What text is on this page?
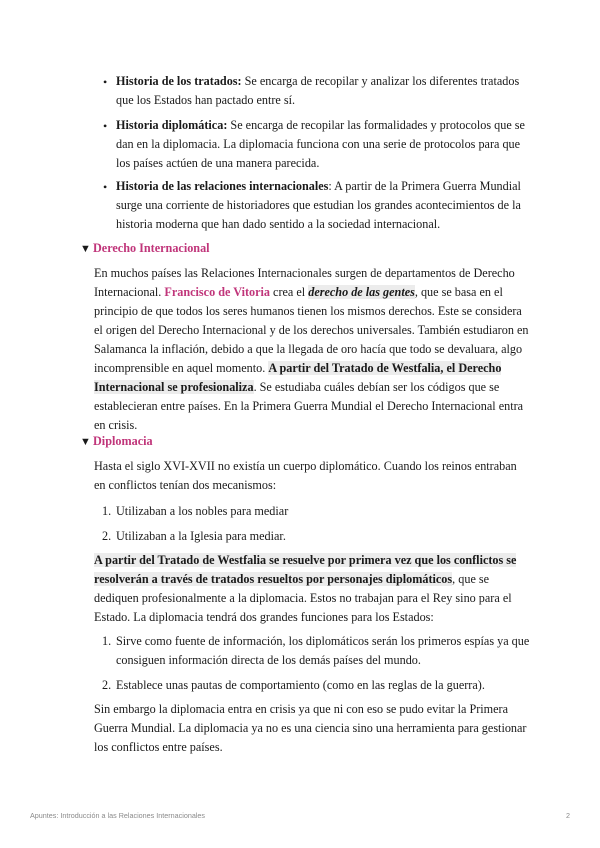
• Historia de los tratados: Se encarga de recopilar y analizar los diferentes tratados que los Estados han pactado entre sí.

• Historia diplomática: Se encarga de recopilar las formalidades y protocolos que se dan en la diplomacia. La diplomacia funciona con una serie de protocolos para que los países actúen de una manera parecida.

• Historia de las relaciones internacionales: A partir de la Primera Guerra Mundial surge una corriente de historiadores que estudian los grandes acontecimientos de la historia moderna que han dado sentido a la sociedad internacional.

▼ Derecho Internacional

En muchos países las Relaciones Internacionales surgen de departamentos de Derecho Internacional. Francisco de Vitoria crea el derecho de las gentes, que se basa en el principio de que todos los seres humanos tienen los mismos derechos. Este se considera el origen del Derecho Internacional y de los derechos universales. También estudiaron en Salamanca la inflación, debido a que la llegada de oro hacía que todo se devaluara, algo incomprensible en aquel momento. A partir del Tratado de Westfalia, el Derecho Internacional se profesionaliza. Se estudiaba cuáles debían ser los códigos que se establecieran entre países. En la Primera Guerra Mundial el Derecho Internacional entra en crisis.

▼ Diplomacia

Hasta el siglo XVI-XVII no existía un cuerpo diplomático. Cuando los reinos entraban en conflictos tenían dos mecanismos:

1. Utilizaban a los nobles para mediar

2. Utilizaban a la Iglesia para mediar.

A partir del Tratado de Westfalia se resuelve por primera vez que los conflictos se resolverán a través de tratados resueltos por personajes diplomáticos, que se dediquen profesionalmente a la diplomacia. Estos no trabajan para el Rey sino para el Estado. La diplomacia tendrá dos grandes funciones para los Estados:

1. Sirve como fuente de información, los diplomáticos serán los primeros espías ya que consiguen información directa de los demás países del mundo.

2. Establece unas pautas de comportamiento (como en las reglas de la guerra).

Sin embargo la diplomacia entra en crisis ya que ni con eso se pudo evitar la Primera Guerra Mundial. La diplomacia ya no es una ciencia sino una herramienta para gestionar los conflictos entre países.

Apuntes: Introducción a las Relaciones Internacionales	2
